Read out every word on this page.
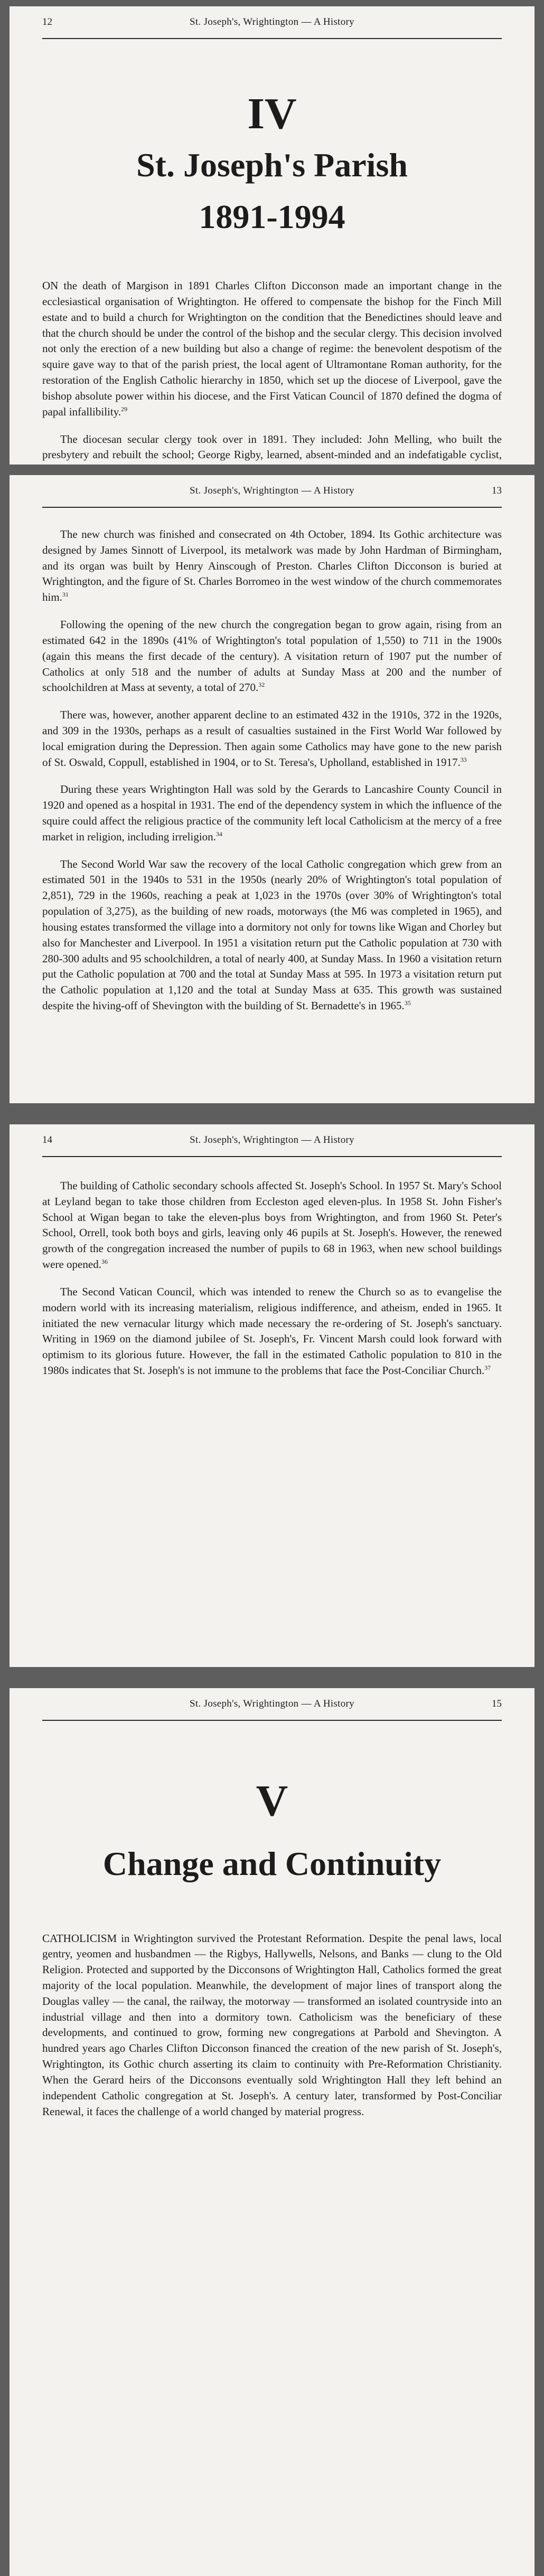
12	St. Joseph's, Wrightington — A History
IV
St. Joseph's Parish
1891-1994

ON the death of Margison in 1891 Charles Clifton Dicconson made an important change in the ecclesiastical organisation of Wrightington. He offered to compensate the bishop for the Finch Mill estate and to build a church for Wrightington on the condition that the Benedictines should leave and that the church should be under the control of the bishop and the secular clergy. This decision involved not only the erection of a new building but also a change of regime: the benevolent despotism of the squire gave way to that of the parish priest, the local agent of Ultramontane Roman authority, for the restoration of the English Catholic hierarchy in 1850, which set up the diocese of Liverpool, gave the bishop absolute power within his diocese, and the First Vatican Council of 1870 defined the dogma of papal infallibility.$^{29}$

The diocesan secular clergy took over in 1891. They included: John Melling, who built the presbytery and rebuilt the school; George Rigby, learned, absent-minded and an indefatigable cyclist,

St. Joseph's, Wrightington — A History	13

The new church was finished and consecrated on 4th October, 1894. Its Gothic architecture was designed by James Sinnott of Liverpool, its metalwork was made by John Hardman of Birmingham, and its organ was built by Henry Ainscough of Preston. Charles Clifton Dicconson is buried at Wrightington, and the figure of St. Charles Borromeo in the west window of the church commemorates him.$^{31}$

Following the opening of the new church the congregation began to grow again, rising from an estimated 642 in the 1890s (41% of Wrightington's total population of 1,550) to 711 in the 1900s (again this means the first decade of the century). A visitation return of 1907 put the number of Catholics at only 518 and the number of adults at Sunday Mass at 200 and the number of schoolchildren at Mass at seventy, a total of 270.32

There was, however, another apparent decline to an estimated 432 in the 1910s, 372 in the 1920s, and 309 in the 1930s, perhaps as a result of casualties sustained in the First World War followed by local emigration during the Depression. Then again some Catholics may have gone to the new parish of St. Oswald, Coppull, established in 1904, or to St. Teresa's, Upholland, established in 1917.33

During these years Wrightington Hall was sold by the Gerards to Lancashire County Council in 1920 and opened as a hospital in 1931. The end of the dependency system in which the influence of the squire could affect the religious practice of the community left local Catholicism at the mercy of a free market in religion, including irreligion.$^{34}$

The Second World War saw the recovery of the local Catholic congregation which grew from an estimated 501 in the 1940s to 531 in the 1950s (nearly 20% of Wrightington's total population of 2,851), 729 in the 1960s, reaching a peak at 1,023 in the 1970s (over 30% of Wrightington's total population of 3,275), as the building of new roads, motorways (the M6 was completed in 1965), and housing estates transformed the village into a dormitory not only for towns like Wigan and Chorley but also for Manchester and Liverpool. In 1951 a visitation return put the Catholic population at 730 with 280-300 adults and 95 schoolchildren, a total of nearly 400, at Sunday Mass. In 1960 a visitation return put the Catholic population at 700 and the total at Sunday Mass at 595. In 1973 a visitation return put the Catholic population at 1,120 and the total at Sunday Mass at 635. This growth was sustained despite the hiving-off of Shevington with the building of St. Bernadette's in 1965.35

14	St. Joseph's, Wrightington — A History

The building of Catholic secondary schools affected St. Joseph's School. In 1957 St. Mary's School at Leyland began to take those children from Eccleston aged eleven-plus. In 1958 St. John Fisher's School at Wigan began to take the eleven-plus boys from Wrightington, and from 1960 St. Peter's School, Orrell, took both boys and girls, leaving only 46 pupils at St. Joseph's. However, the renewed growth of the congregation increased the number of pupils to 68 in 1963, when new school buildings were opened.$^{36}$

The Second Vatican Council, which was intended to renew the Church so as to evangelise the modern world with its increasing materialism, religious indifference, and atheism, ended in 1965. It initiated the new vernacular liturgy which made necessary the re-ordering of St. Joseph's sanctuary. Writing in 1969 on the diamond jubilee of St. Joseph's, Fr. Vincent Marsh could look forward with optimism to its glorious future. However, the fall in the estimated Catholic population to 810 in the 1980s indicates that St. Joseph's is not immune to the problems that face the Post-Conciliar Church.$^{37}$

St. Joseph's, Wrightington — A History	15
V
Change and Continuity

CATHOLICISM in Wrightington survived the Protestant Reformation. Despite the penal laws, local gentry, yeomen and husbandmen — the Rigbys, Hallywells, Nelsons, and Banks — clung to the Old Religion. Protected and supported by the Dicconsons of Wrightington Hall, Catholics formed the great majority of the local population. Meanwhile, the development of major lines of transport along the Douglas valley — the canal, the railway, the motorway — transformed an isolated countryside into an industrial village and then into a dormitory town. Catholicism was the beneficiary of these developments, and continued to grow, forming new congregations at Parbold and Shevington. A hundred years ago Charles Clifton Dicconson financed the creation of the new parish of St. Joseph's, Wrightington, its Gothic church asserting its claim to continuity with Pre-Reformation Christianity. When the Gerard heirs of the Dicconsons eventually sold Wrightington Hall they left behind an independent Catholic congregation at St. Joseph's. A century later, transformed by Post-Conciliar Renewal, it faces the challenge of a world changed by material progress.
